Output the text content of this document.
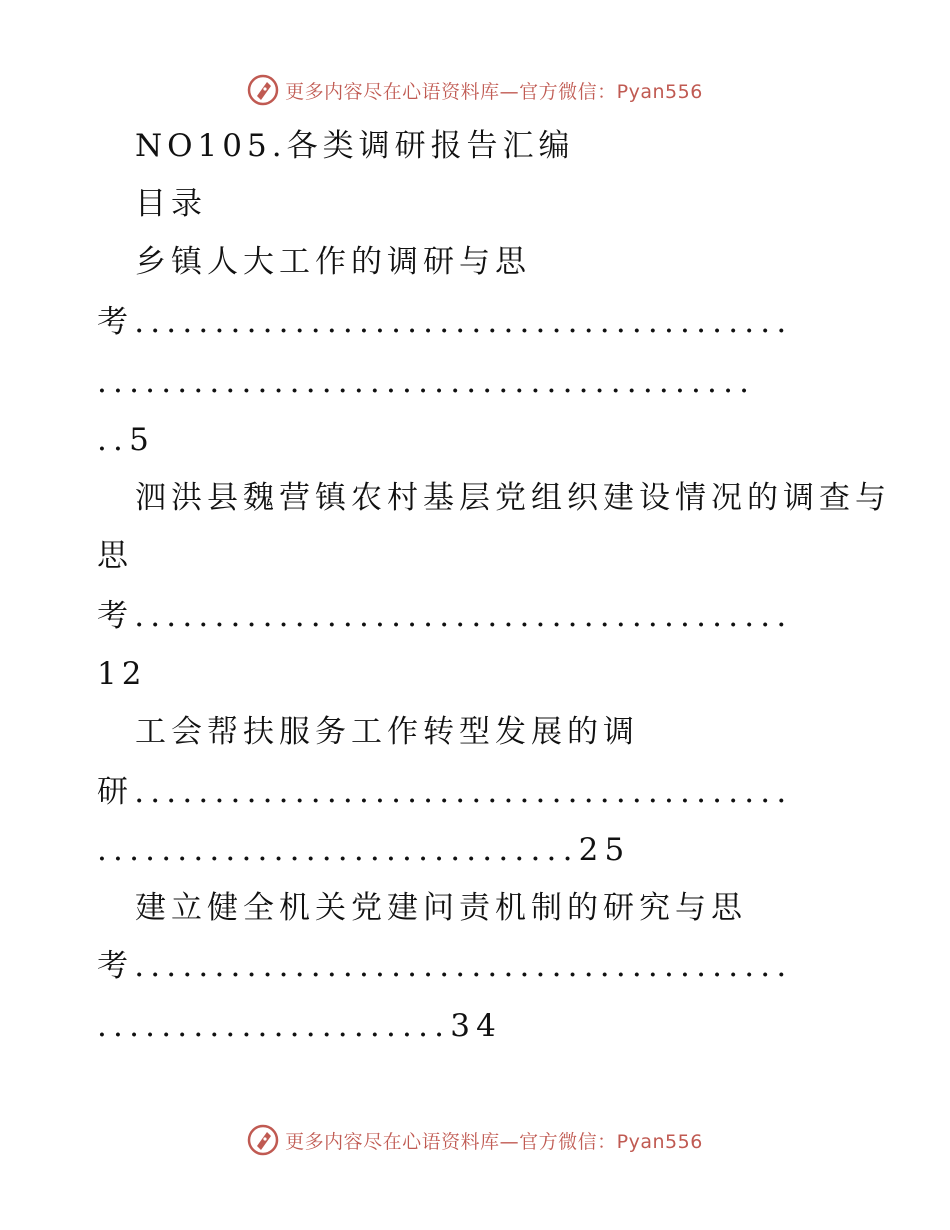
更多内容尽在心语资料库—官方微信：Pyan556
NO105.各类调研报告汇编
目录
乡镇人大工作的调研与思
考.........................................
.........................................
..5
泗洪县魏营镇农村基层党组织建设情况的调查与
思
考.........................................
12
工会帮扶服务工作转型发展的调
研.........................................
..............................25
建立健全机关党建问责机制的研究与思
考.........................................
......................34
更多内容尽在心语资料库—官方微信：Pyan556
